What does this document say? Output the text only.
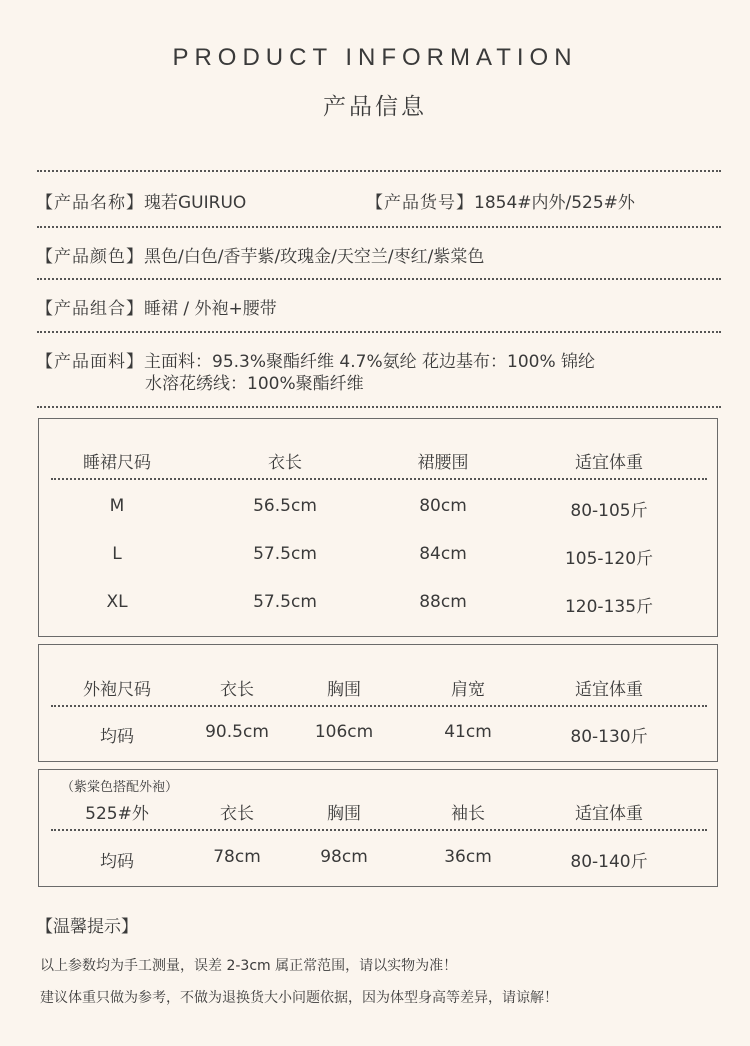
PRODUCT INFORMATION
产品信息
【产品名称】瑰若GUIRUO	【产品货号】1854#内外/525#外
【产品颜色】黑色/白色/香芋紫/玫瑰金/天空兰/枣红/紫棠色
【产品组合】睡裙 / 外袍+腰带
【产品面料】主面料：95.3%聚酯纤维 4.7%氨纶 花边基布：100% 锦纶
水溶花绣线：100%聚酯纤维
睡裙尺码	衣长	裙腰围	适宜体重
M	56.5cm	80cm	80-105斤
L	57.5cm	84cm	105-120斤
XL	57.5cm	88cm	120-135斤
外袍尺码	衣长	胸围	肩宽	适宜体重
均码	90.5cm	106cm	41cm	80-130斤
（紫棠色搭配外袍）
525#外	衣长	胸围	袖长	适宜体重
均码	78cm	98cm	36cm	80-140斤
【温馨提示】
以上参数均为手工测量，误差 2-3cm 属正常范围，请以实物为准！
建议体重只做为参考，不做为退换货大小问题依据，因为体型身高等差异，请谅解！
